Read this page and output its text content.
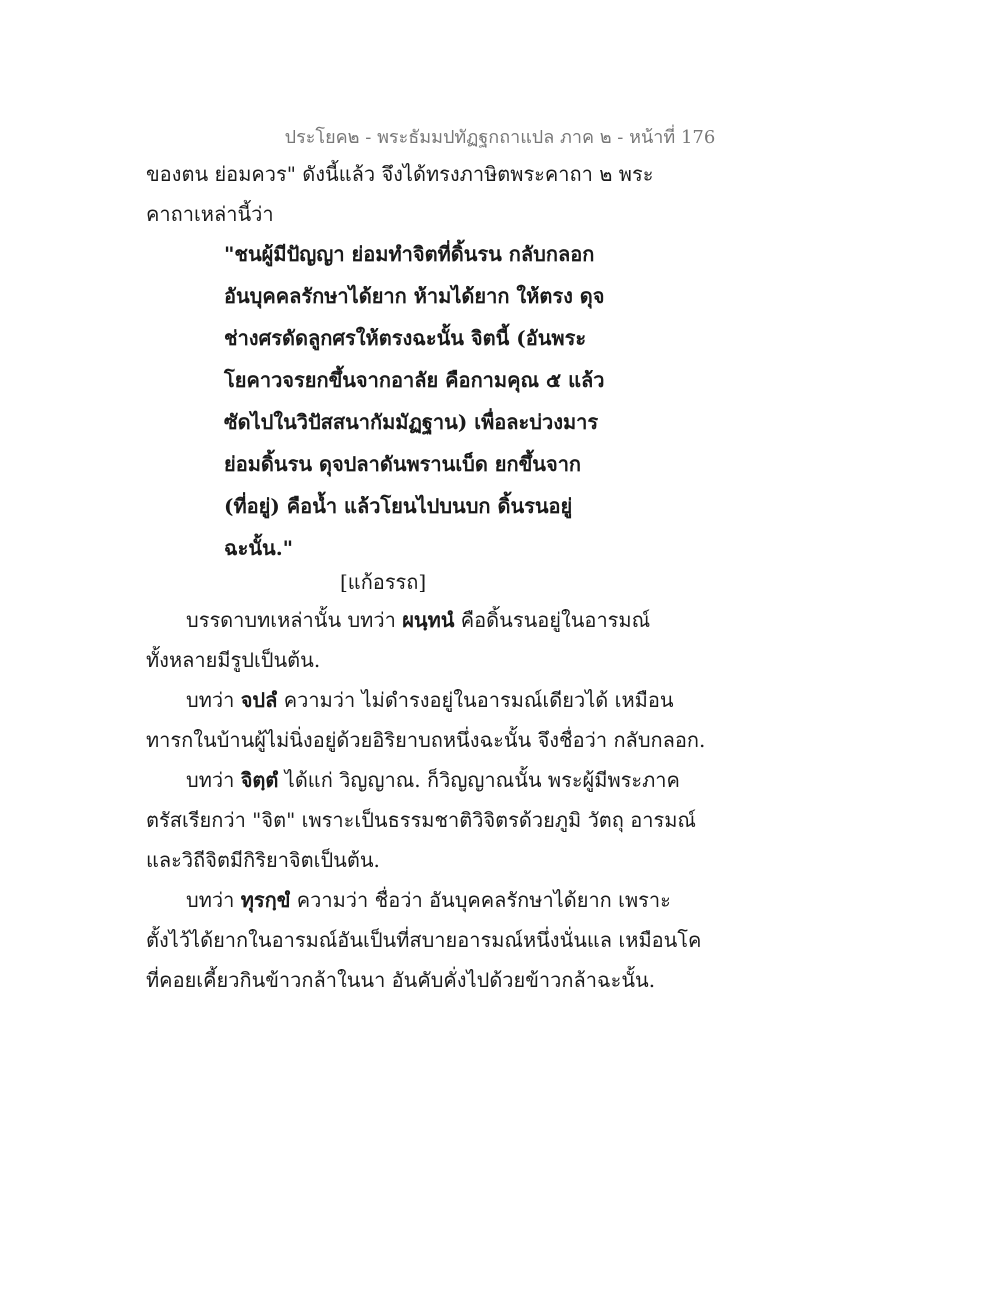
ประโยค๒ - พระธัมมปทัฏฐกถาแปล ภาค ๒ - หน้าที่ 176
ของตน ย่อมควร" ดังนี้แล้ว จึงได้ทรงภาษิตพระคาถา ๒ พระ
คาถาเหล่านี้ว่า
"ชนผู้มีปัญญา ย่อมทำจิตที่ดิ้นรน กลับกลอก
อันบุคคลรักษาได้ยาก ห้ามได้ยาก ให้ตรง ดุจ
ช่างศรดัดลูกศรให้ตรงฉะนั้น จิตนี้ (อันพระ
โยคาวจรยกขึ้นจากอาลัย คือกามคุณ ๕ แล้ว
ซัดไปในวิปัสสนากัมมัฏฐาน) เพื่อละบ่วงมาร
ย่อมดิ้นรน ดุจปลาดันพรานเบ็ด ยกขึ้นจาก
(ที่อยู่) คือน้ำ แล้วโยนไปบนบก ดิ้นรนอยู่
ฉะนั้น."
[แก้อรรถ]
บรรดาบทเหล่านั้น บทว่า ผนฺทนํ คือดิ้นรนอยู่ในอารมณ์
ทั้งหลายมีรูปเป็นต้น.
บทว่า จปลํ ความว่า ไม่ดำรงอยู่ในอารมณ์เดียวได้ เหมือน
ทารกในบ้านผู้ไม่นิ่งอยู่ด้วยอิริยาบถหนึ่งฉะนั้น จึงชื่อว่า กลับกลอก.
บทว่า จิตฺตํ ได้แก่ วิญญาณ. ก็วิญญาณนั้น พระผู้มีพระภาค
ตรัสเรียกว่า "จิต" เพราะเป็นธรรมชาติวิจิตรด้วยภูมิ วัตถุ อารมณ์
และวิถีจิตมีกิริยาจิตเป็นต้น.
บทว่า ทุรกฺขํ ความว่า ชื่อว่า อันบุคคลรักษาได้ยาก เพราะ
ตั้งไว้ได้ยากในอารมณ์อันเป็นที่สบายอารมณ์หนึ่งนั่นแล เหมือนโค
ที่คอยเคี้ยวกินข้าวกล้าในนา อันคับคั่งไปด้วยข้าวกล้าฉะนั้น.
